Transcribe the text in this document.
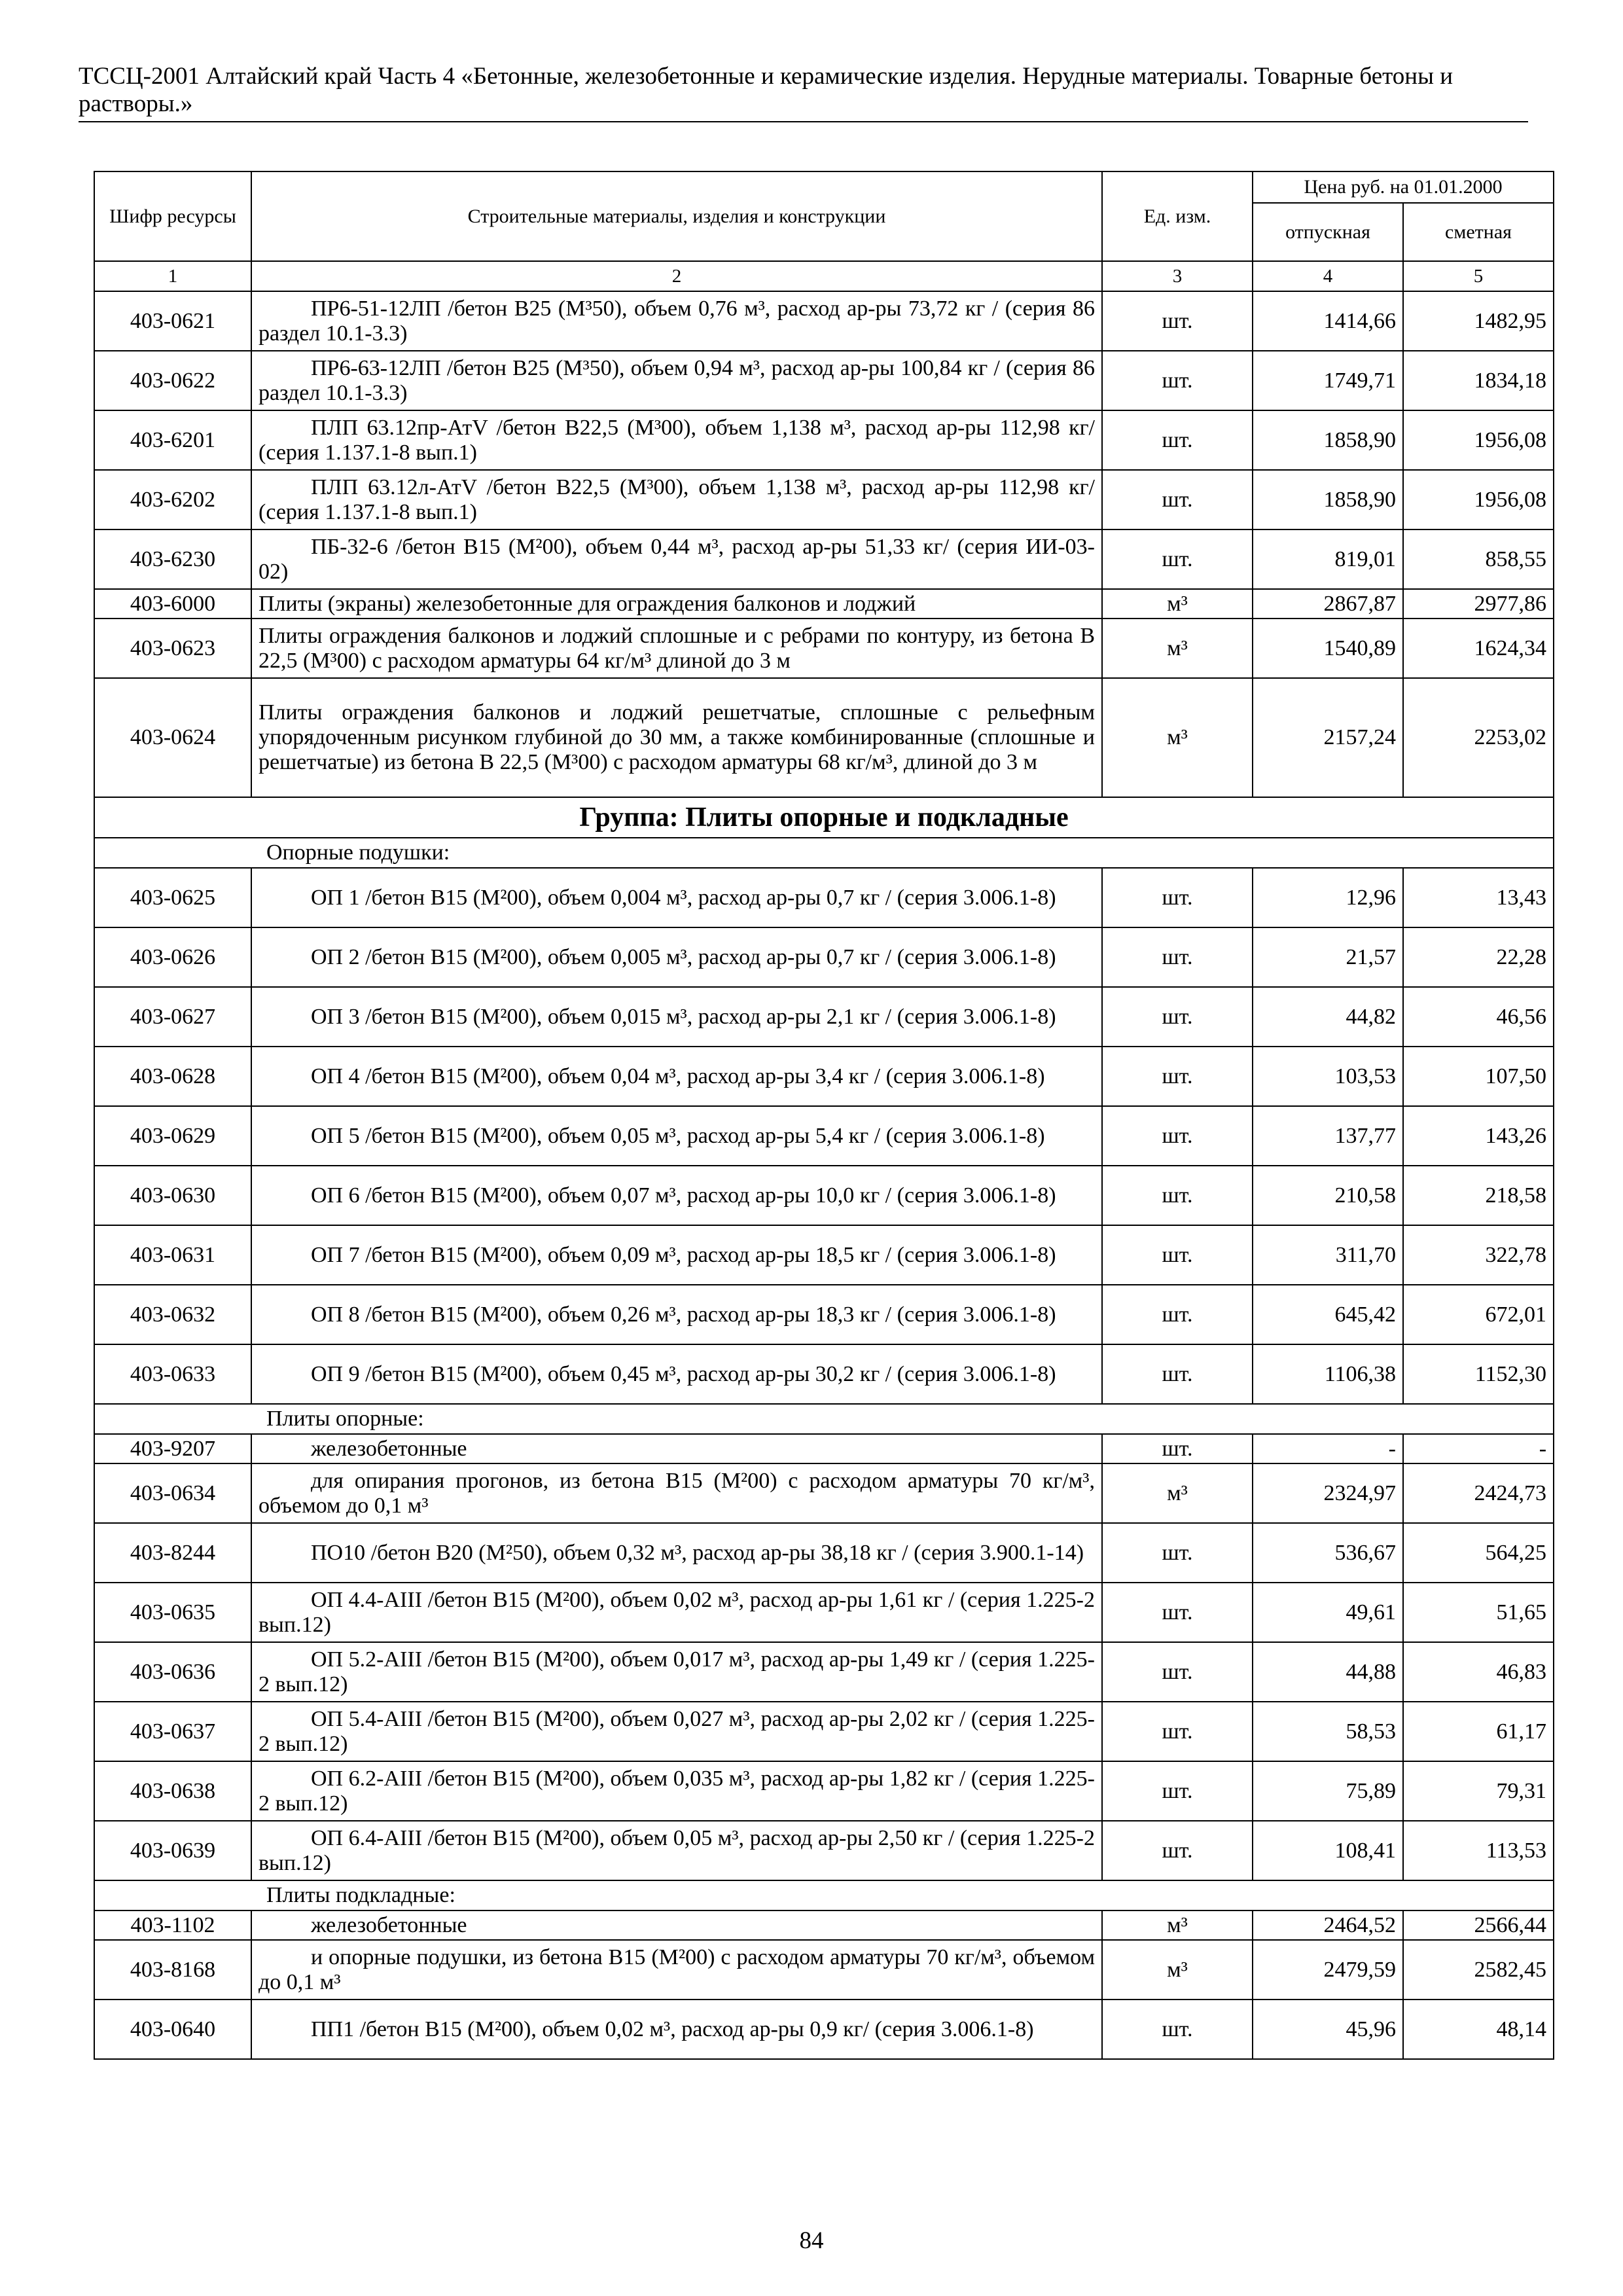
ТССЦ-2001 Алтайский край Часть 4 «Бетонные, железобетонные и керамические изделия. Нерудные материалы. Товарные бетоны и растворы.»
Шифр ресурсы	Строительные материалы, изделия и конструкции	Ед. изм.	Цена руб. на 01.01.2000	
			отпускная	сметная
1	2	3	4	5
403-0621	ПР6-51-12ЛП /бетон В25 (М³50), объем 0,76 м³, расход ар-ры 73,72 кг / (серия 86 раздел 10.1-3.3)	шт.	1414,66	1482,95
403-0622	ПР6-63-12ЛП /бетон В25 (М³50), объем 0,94 м³, расход ар-ры 100,84 кг / (серия 86 раздел 10.1-3.3)	шт.	1749,71	1834,18
403-6201	ПЛП 63.12пр-АтV /бетон В22,5 (М³00), объем 1,138 м³, расход ар-ры 112,98 кг/ (серия 1.137.1-8 вып.1)	шт.	1858,90	1956,08
403-6202	ПЛП 63.12л-АтV /бетон В22,5 (М³00), объем 1,138 м³, расход ар-ры 112,98 кг/ (серия 1.137.1-8 вып.1)	шт.	1858,90	1956,08
403-6230	ПБ-32-6 /бетон В15 (М²00), объем 0,44 м³, расход ар-ры 51,33 кг/ (серия ИИ-03-02)	шт.	819,01	858,55
403-6000	Плиты (экраны) железобетонные для ограждения балконов и лоджий	м³	2867,87	2977,86
403-0623	Плиты ограждения балконов и лоджий сплошные и с ребрами по контуру, из бетона В 22,5 (М³00) с расходом арматуры 64 кг/м³ длиной до 3 м	м³	1540,89	1624,34
403-0624	Плиты ограждения балконов и лоджий решетчатые, сплошные с рельефным упорядоченным рисунком глубиной до 30 мм, а также комбинированные (сплошные и решетчатые) из бетона В 22,5 (М³00) с расходом арматуры 68 кг/м³, длиной до 3 м	м³	2157,24	2253,02
Группа: Плиты опорные и подкладные				
Опорные подушки:				
403-0625	ОП 1 /бетон В15 (М²00), объем 0,004 м³, расход ар-ры 0,7 кг / (серия 3.006.1-8)	шт.	12,96	13,43
403-0626	ОП 2 /бетон В15 (М²00), объем 0,005 м³, расход ар-ры 0,7 кг / (серия 3.006.1-8)	шт.	21,57	22,28
403-0627	ОП 3 /бетон В15 (М²00), объем 0,015 м³, расход ар-ры 2,1 кг / (серия 3.006.1-8)	шт.	44,82	46,56
403-0628	ОП 4 /бетон В15 (М²00), объем 0,04 м³, расход ар-ры 3,4 кг / (серия 3.006.1-8)	шт.	103,53	107,50
403-0629	ОП 5 /бетон В15 (М²00), объем 0,05 м³, расход ар-ры 5,4 кг / (серия 3.006.1-8)	шт.	137,77	143,26
403-0630	ОП 6 /бетон В15 (М²00), объем 0,07 м³, расход ар-ры 10,0 кг / (серия 3.006.1-8)	шт.	210,58	218,58
403-0631	ОП 7 /бетон В15 (М²00), объем 0,09 м³, расход ар-ры 18,5 кг / (серия 3.006.1-8)	шт.	311,70	322,78
403-0632	ОП 8 /бетон В15 (М²00), объем 0,26 м³, расход ар-ры 18,3 кг / (серия 3.006.1-8)	шт.	645,42	672,01
403-0633	ОП 9 /бетон В15 (М²00), объем 0,45 м³, расход ар-ры 30,2 кг / (серия 3.006.1-8)	шт.	1106,38	1152,30
Плиты опорные:				
403-9207	железобетонные	шт.	-	-
403-0634	для опирания прогонов, из бетона В15 (М²00) с расходом арматуры 70 кг/м³, объемом до 0,1 м³	м³	2324,97	2424,73
403-8244	ПО10 /бетон В20 (М²50), объем 0,32 м³, расход ар-ры 38,18 кг / (серия 3.900.1-14)	шт.	536,67	564,25
403-0635	ОП 4.4-АIII /бетон В15 (М²00), объем 0,02 м³, расход ар-ры 1,61 кг / (серия 1.225-2 вып.12)	шт.	49,61	51,65
403-0636	ОП 5.2-АIII /бетон В15 (М²00), объем 0,017 м³, расход ар-ры 1,49 кг / (серия 1.225-2 вып.12)	шт.	44,88	46,83
403-0637	ОП 5.4-АIII /бетон В15 (М²00), объем 0,027 м³, расход ар-ры 2,02 кг / (серия 1.225-2 вып.12)	шт.	58,53	61,17
403-0638	ОП 6.2-АIII /бетон В15 (М²00), объем 0,035 м³, расход ар-ры 1,82 кг / (серия 1.225-2 вып.12)	шт.	75,89	79,31
403-0639	ОП 6.4-АIII /бетон В15 (М²00), объем 0,05 м³, расход ар-ры 2,50 кг / (серия 1.225-2 вып.12)	шт.	108,41	113,53
Плиты подкладные:				
403-1102	железобетонные	м³	2464,52	2566,44
403-8168	и опорные подушки, из бетона В15 (М²00) с расходом арматуры 70 кг/м³, объемом до 0,1 м³	м³	2479,59	2582,45
403-0640	ПП1 /бетон В15 (М²00), объем 0,02 м³, расход ар-ры 0,9 кг/ (серия 3.006.1-8)	шт.	45,96	48,14
84
